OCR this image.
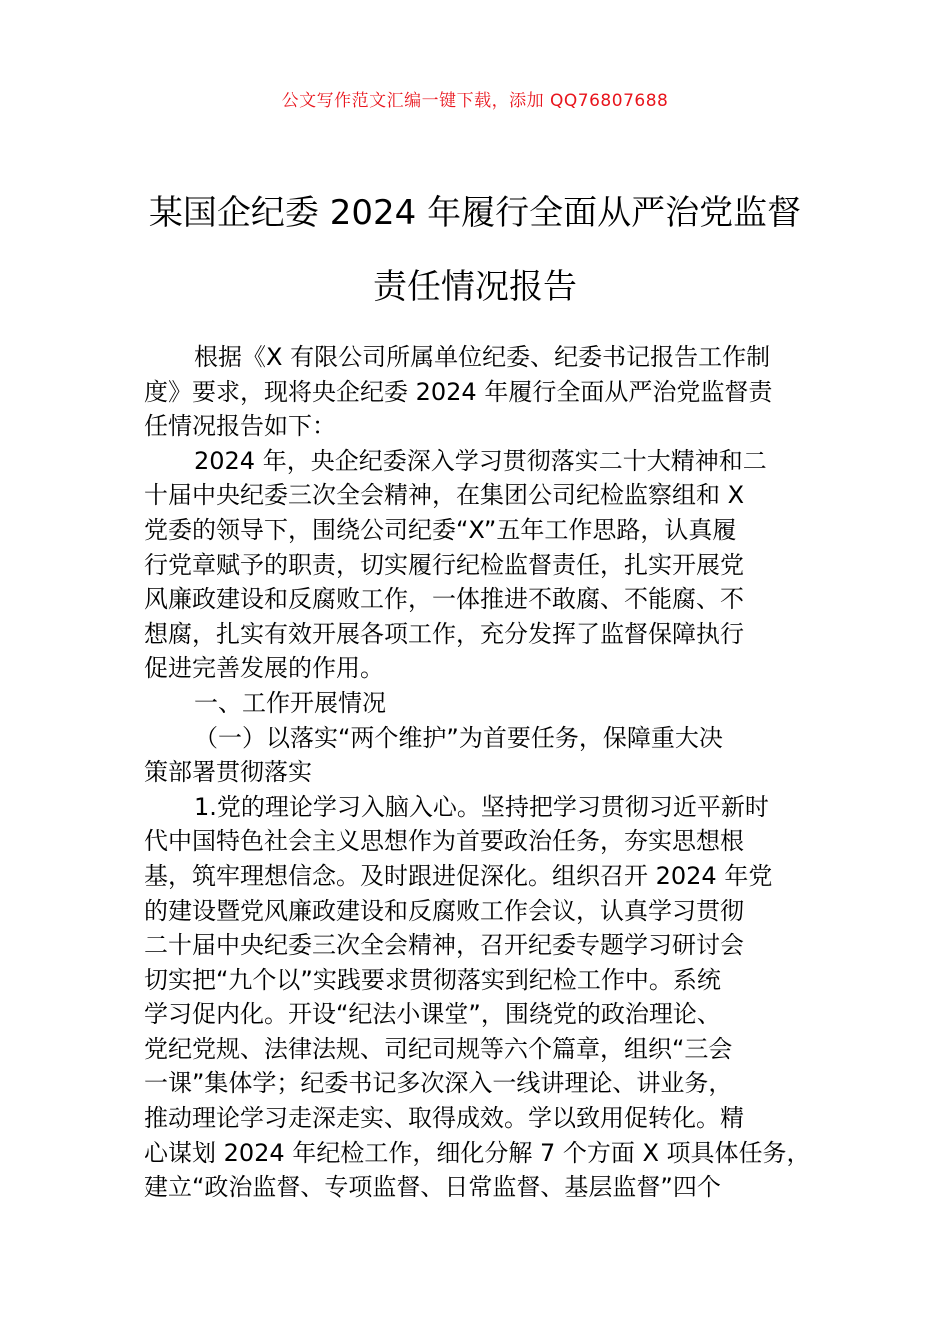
公文写作范文汇编一键下载，添加 QQ76807688
某国企纪委 2024 年履行全面从严治党监督
责任情况报告
根据《X 有限公司所属单位纪委、纪委书记报告工作制
度》要求，现将央企纪委 2024 年履行全面从严治党监督责
任情况报告如下：
2024 年，央企纪委深入学习贯彻落实二十大精神和二
十届中央纪委三次全会精神，在集团公司纪检监察组和 X
党委的领导下，围绕公司纪委“X”五年工作思路，认真履
行党章赋予的职责，切实履行纪检监督责任，扎实开展党
风廉政建设和反腐败工作，一体推进不敢腐、不能腐、不
想腐，扎实有效开展各项工作，充分发挥了监督保障执行
促进完善发展的作用。
一、工作开展情况
（一）以落实“两个维护”为首要任务，保障重大决
策部署贯彻落实
1.党的理论学习入脑入心。坚持把学习贯彻习近平新时
代中国特色社会主义思想作为首要政治任务，夯实思想根
基，筑牢理想信念。及时跟进促深化。组织召开 2024 年党
的建设暨党风廉政建设和反腐败工作会议，认真学习贯彻
二十届中央纪委三次全会精神，召开纪委专题学习研讨会
切实把“九个以”实践要求贯彻落实到纪检工作中。系统
学习促内化。开设“纪法小课堂”，围绕党的政治理论、
党纪党规、法律法规、司纪司规等六个篇章，组织“三会
一课”集体学；纪委书记多次深入一线讲理论、讲业务，
推动理论学习走深走实、取得成效。学以致用促转化。精
心谋划 2024 年纪检工作，细化分解 7 个方面 X 项具体任务，
建立“政治监督、专项监督、日常监督、基层监督”四个
